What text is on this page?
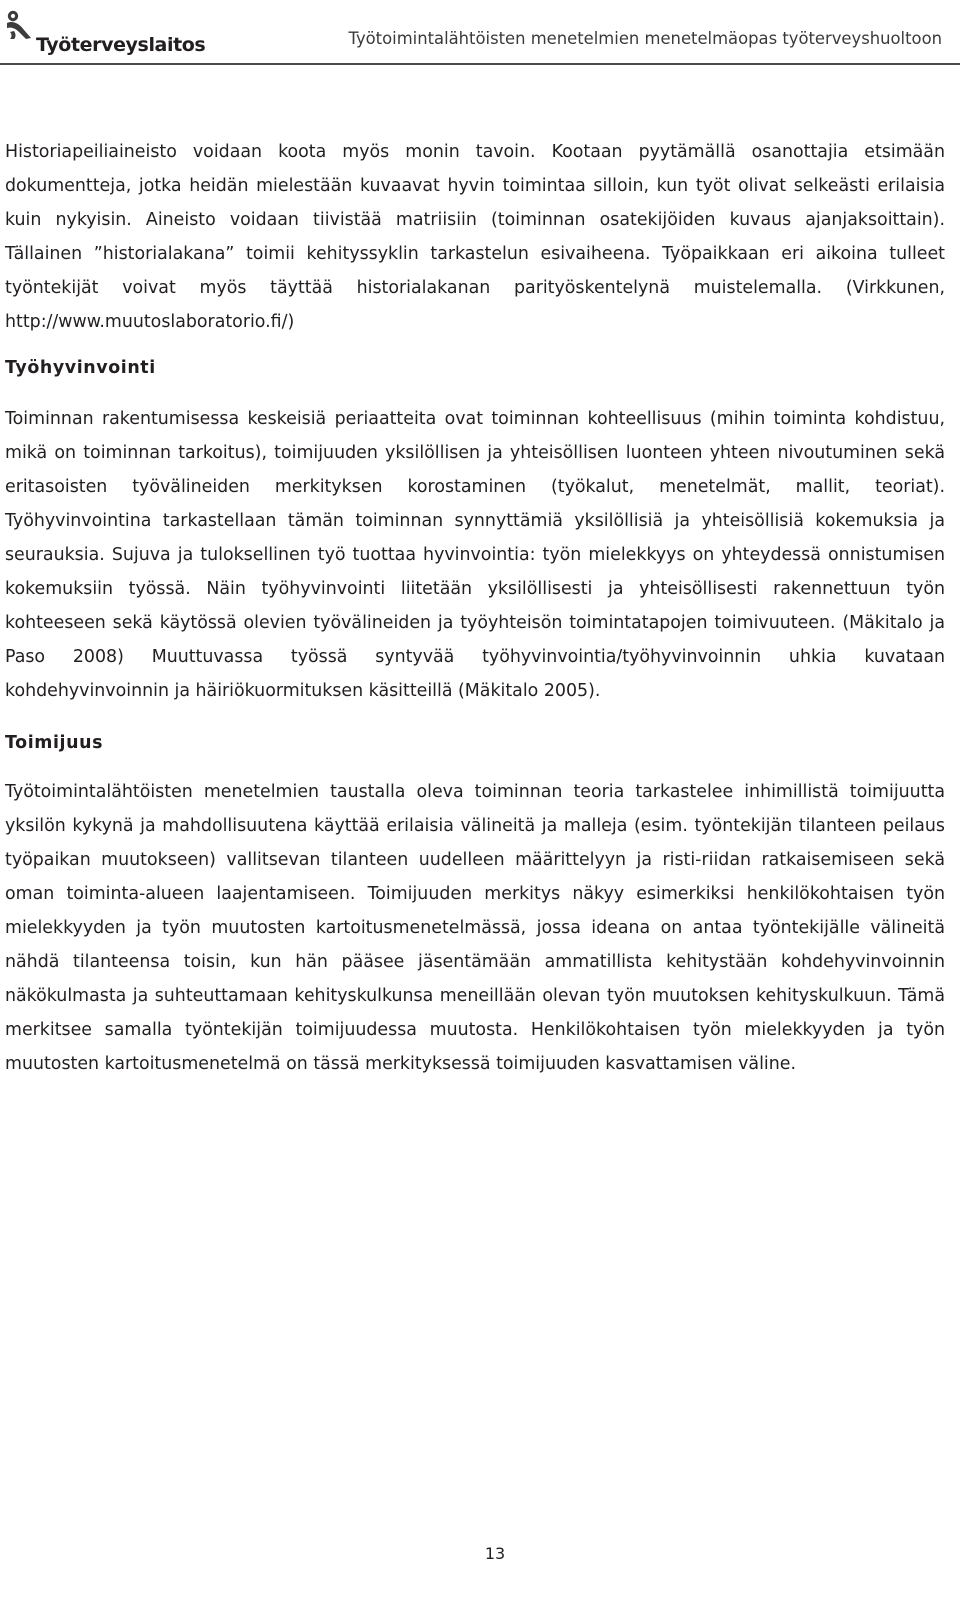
Työterveyslaitos	Työtoimintalähtöisten menetelmien menetelmäopas työterveyshuoltoon

Historiapeiliaineisto voidaan koota myös monin tavoin. Kootaan pyytämällä osanottajia etsimään dokumentteja, jotka heidän mielestään kuvaavat hyvin toimintaa silloin, kun työt olivat selkeästi erilaisia kuin nykyisin. Aineisto voidaan tiivistää matriisiin (toiminnan osatekijöiden kuvaus ajanjaksoittain). Tällainen ”historialakana” toimii kehityssyklin tarkastelun esivaiheena. Työpaikkaan eri aikoina tulleet työntekijät voivat myös täyttää historialakanan parityöskentelynä muistelemalla. (Virkkunen, http://www.muutoslaboratorio.fi/)

Työhyvinvointi

Toiminnan rakentumisessa keskeisiä periaatteita ovat toiminnan kohteellisuus (mihin toiminta kohdistuu, mikä on toiminnan tarkoitus), toimijuuden yksilöllisen ja yhteisöllisen luonteen yhteen nivoutuminen sekä eritasoisten työvälineiden merkityksen korostaminen (työkalut, menetelmät, mallit, teoriat). Työhyvinvointina tarkastellaan tämän toiminnan synnyttämiä yksilöllisiä ja yhteisöllisiä kokemuksia ja seurauksia. Sujuva ja tuloksellinen työ tuottaa hyvinvointia: työn mielekkyys on yhteydessä onnistumisen kokemuksiin työssä. Näin työhyvinvointi liitetään yksilöllisesti ja yhteisöllisesti rakennettuun työn kohteeseen sekä käytössä olevien työvälineiden ja työyhteisön toimintatapojen toimivuuteen. (Mäkitalo ja Paso 2008) Muuttuvassa työssä syntyvää työhyvinvointia/työhyvinvoinnin uhkia kuvataan kohdehyvinvoinnin ja häiriökuormituksen käsitteillä (Mäkitalo 2005).

Toimijuus

Työtoimintalähtöisten menetelmien taustalla oleva toiminnan teoria tarkastelee inhimillistä toimijuutta yksilön kykynä ja mahdollisuutena käyttää erilaisia välineitä ja malleja (esim. työntekijän tilanteen peilaus työpaikan muutokseen) vallitsevan tilanteen uudelleen määrittelyyn ja risti-riidan ratkaisemiseen sekä oman toiminta-alueen laajentamiseen. Toimijuuden merkitys näkyy esimerkiksi henkilökohtaisen työn mielekkyyden ja työn muutosten kartoitusmenetelmässä, jossa ideana on antaa työntekijälle välineitä nähdä tilanteensa toisin, kun hän pääsee jäsentämään ammatillista kehitystään kohdehyvinvoinnin näkökulmasta ja suhteuttamaan kehityskulkunsa meneillään olevan työn muutoksen kehityskulkuun. Tämä merkitsee samalla työntekijän toimijuudessa muutosta. Henkilökohtaisen työn mielekkyyden ja työn muutosten kartoitusmenetelmä on tässä merkityksessä toimijuuden kasvattamisen väline.

13
